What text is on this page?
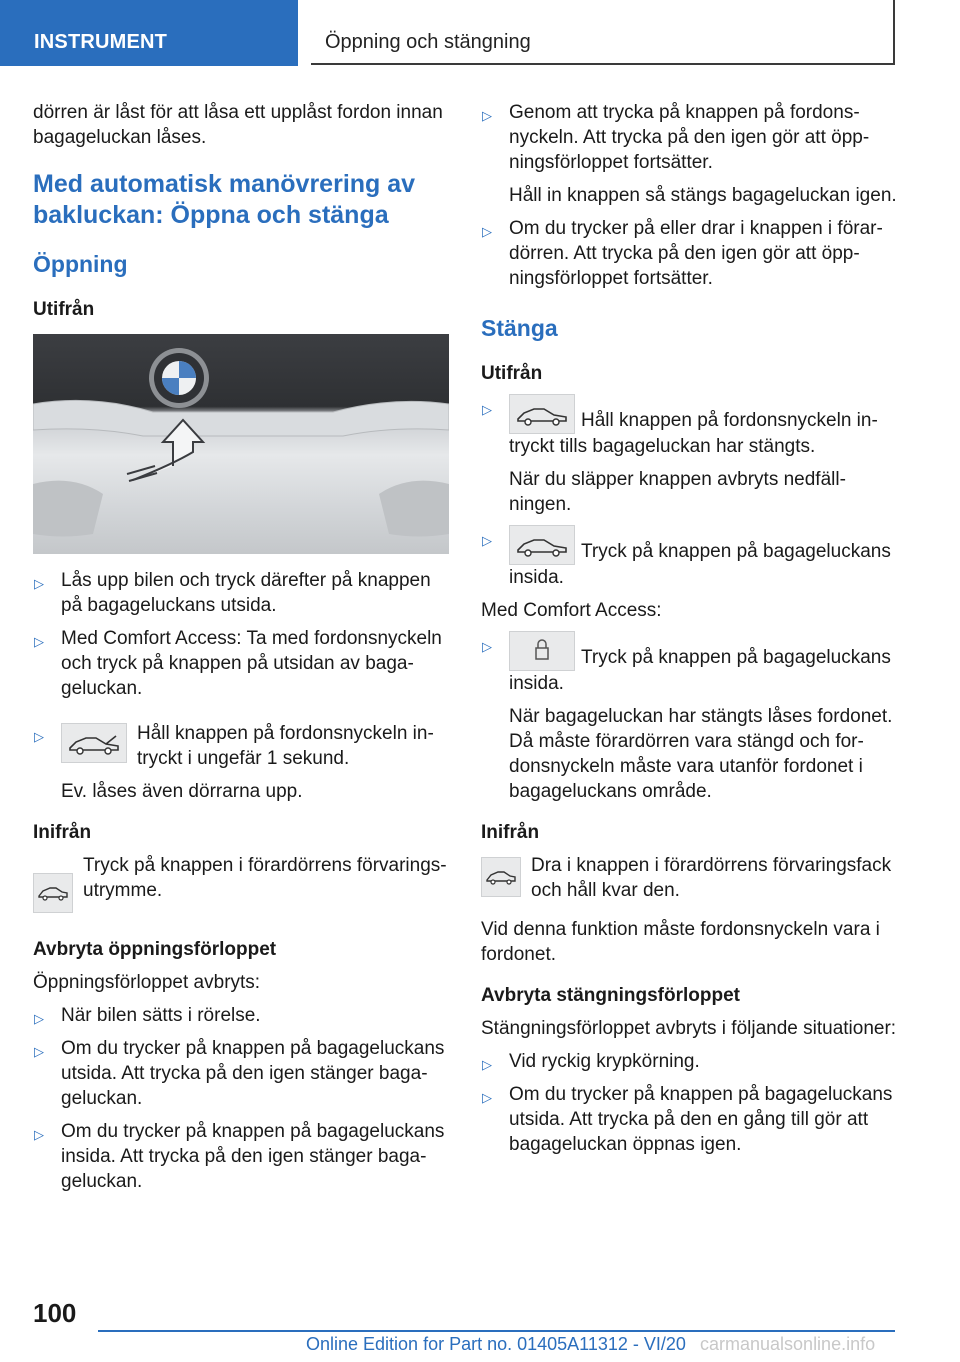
INSTRUMENT	Öppning och stängning

dörren är låst för att låsa ett upplåst fordon innan bagageluckan låses.

Med automatisk manövrering av bakluckan: Öppna och stänga
Öppning
Utifrån
▷ Lås upp bilen och tryck därefter på knappen på bagageluckans utsida.
▷ Med Comfort Access: Ta med fordonsnyckeln och tryck på knappen på utsidan av bagageluckan.
▷	Håll knappen på fordonsnyckeln intryckt i ungefär 1 sekund.

Ev. låses även dörrarna upp.

Inifrån
Tryck på knappen i förardörrens förvaringsutrymme.
Avbryta öppningsförloppet

Öppningsförloppet avbryts:

▷ När bilen sätts i rörelse.
▷ Om du trycker på knappen på bagageluckans utsida. Att trycka på den igen stänger bagageluckan.
▷ Om du trycker på knappen på bagageluckans insida. Att trycka på den igen stänger bagageluckan.
▷ Genom att trycka på knappen på fordonsnyckeln. Att trycka på den igen gör att öppningsförloppet fortsätter.

Håll in knappen så stängs bagageluckan igen.

▷ Om du trycker på eller drar i knappen i förardörren. Att trycka på den igen gör att öppningsförloppet fortsätter.
Stänga
Utifrån
▷
Håll knappen på fordonsnyckeln intryckt tills bagageluckan har stängts.

När du släpper knappen avbryts nedfällningen.

▷
Tryck på knappen på bagageluckans insida.

Med Comfort Access:

▷
Tryck på knappen på bagageluckans insida.

När bagageluckan har stängts låses fordonet. Då måste förardörren vara stängd och fordonsnyckeln måste vara utanför fordonet i bagageluckans område.

Inifrån
Dra i knappen i förardörrens förvaringsfack och håll kvar den.

Vid denna funktion måste fordonsnyckeln vara i fordonet.

Avbryta stängningsförloppet

Stängningsförloppet avbryts i följande situationer:

▷ Vid ryckig krypkörning.
▷ Om du trycker på knappen på bagageluckans utsida. Att trycka på den en gång till gör att bagageluckan öppnas igen.
100
Online Edition for Part no. 01405A11312 - VI/20 carmanualsonline.info
